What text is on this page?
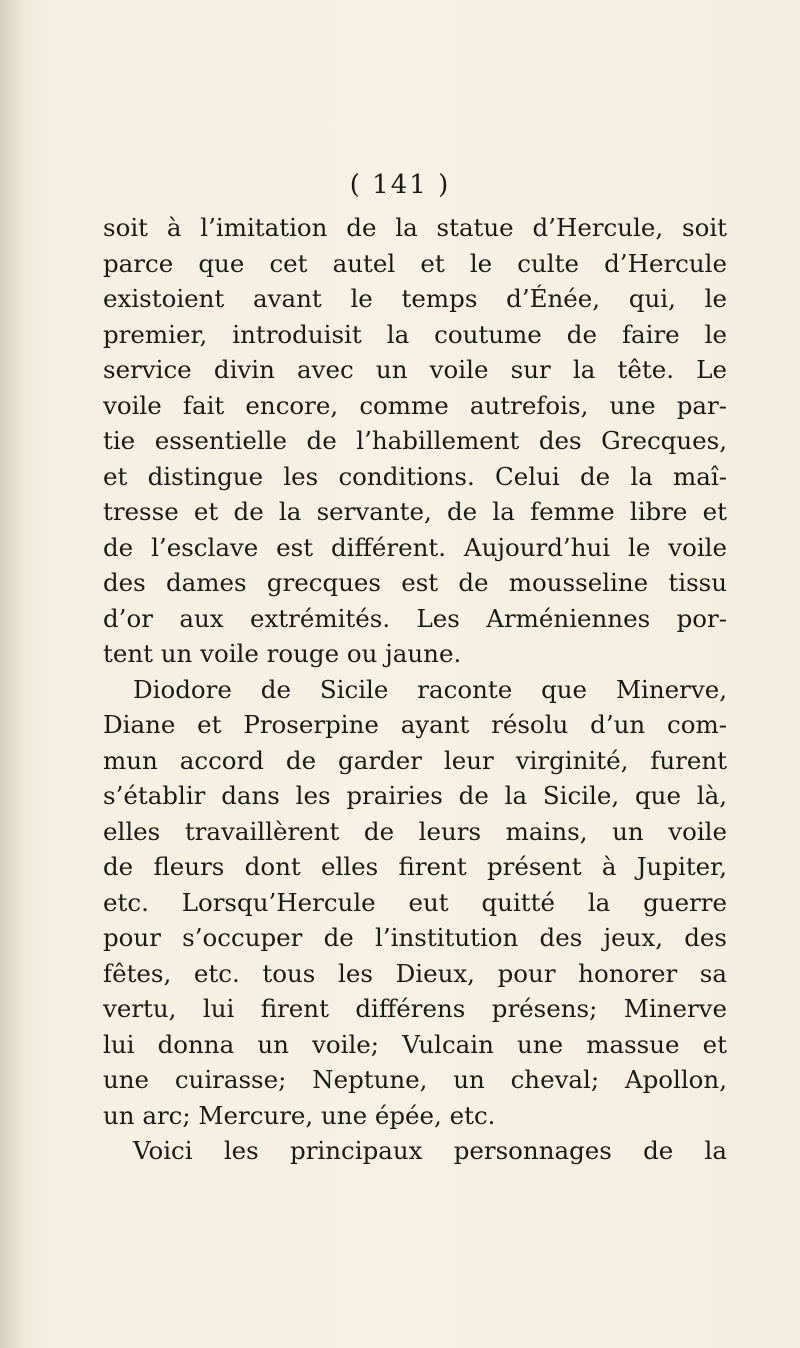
( 141 )
soit à l’imitation de la statue d’Hercule, soit
parce que cet autel et le culte d’Hercule
existoient avant le temps d’Énée, qui, le
premier, introduisit la coutume de faire le
service divin avec un voile sur la tête. Le
voile fait encore, comme autrefois, une par-
tie essentielle de l’habillement des Grecques,
et distingue les conditions. Celui de la maî-
tresse et de la servante, de la femme libre et
de l’esclave est différent. Aujourd’hui le voile
des dames grecques est de mousseline tissu
d’or aux extrémités. Les Arméniennes por-
tent un voile rouge ou jaune.
Diodore de Sicile raconte que Minerve,
Diane et Proserpine ayant résolu d’un com-
mun accord de garder leur virginité, furent
s’établir dans les prairies de la Sicile, que là,
elles travaillèrent de leurs mains, un voile
de fleurs dont elles firent présent à Jupiter,
etc. Lorsqu’Hercule eut quitté la guerre
pour s’occuper de l’institution des jeux, des
fêtes, etc. tous les Dieux, pour honorer sa
vertu, lui firent différens présens; Minerve
lui donna un voile; Vulcain une massue et
une cuirasse; Neptune, un cheval; Apollon,
un arc; Mercure, une épée, etc.
Voici les principaux personnages de la
